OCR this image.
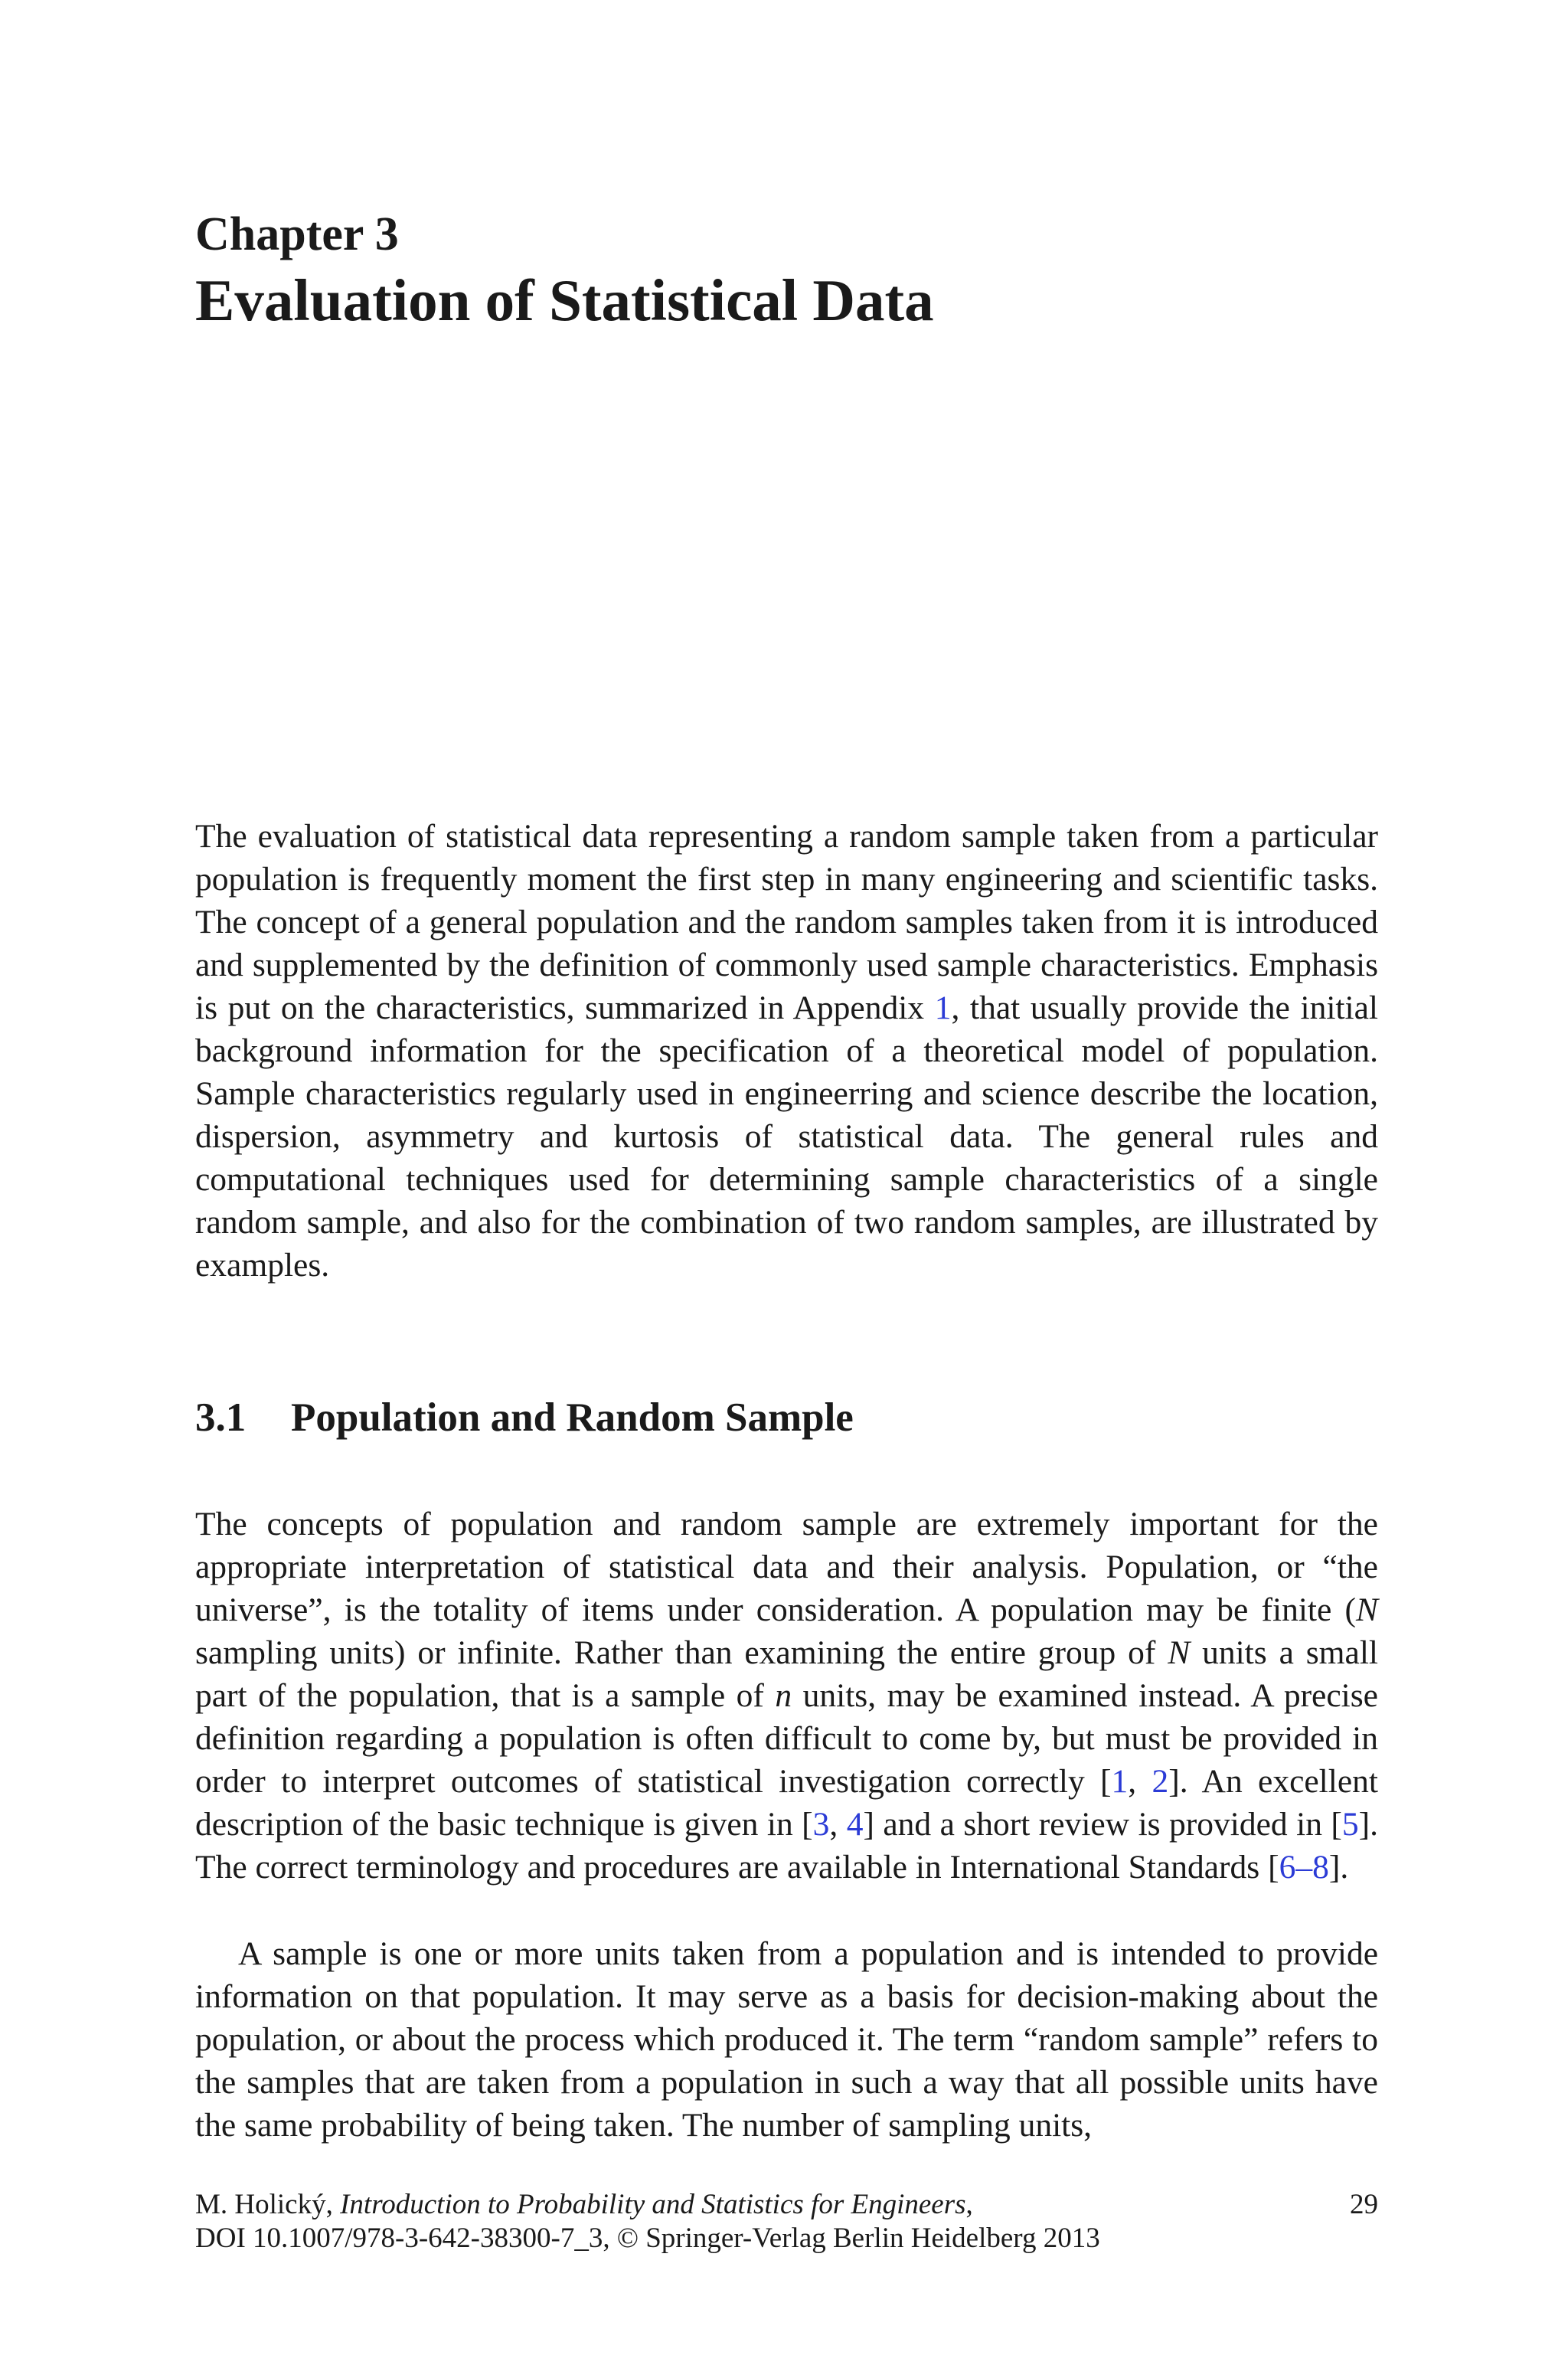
Chapter 3
Evaluation of Statistical Data

The evaluation of statistical data representing a random sample taken from a particular population is frequently moment the first step in many engineering and scientific tasks. The concept of a general population and the random samples taken from it is introduced and supplemented by the definition of commonly used sample characteristics. Emphasis is put on the characteristics, summarized in Appendix 1, that usually provide the initial background information for the specification of a theoretical model of population. Sample characteristics regularly used in engineerring and science describe the location, dispersion, asymmetry and kurtosis of statistical data. The general rules and computational techniques used for determining sample characteristics of a single random sample, and also for the combination of two random samples, are illustrated by examples.

3.1 Population and Random Sample

The concepts of population and random sample are extremely important for the appropriate interpretation of statistical data and their analysis. Population, or “the universe”, is the totality of items under consideration. A population may be finite (N sampling units) or infinite. Rather than examining the entire group of N units a small part of the population, that is a sample of n units, may be examined instead. A precise definition regarding a population is often difficult to come by, but must be provided in order to interpret outcomes of statistical investigation correctly [1, 2]. An excellent description of the basic technique is given in [3, 4] and a short review is provided in [5]. The correct terminology and procedures are available in International Standards [6–8].

A sample is one or more units taken from a population and is intended to provide information on that population. It may serve as a basis for decision-making about the population, or about the process which produced it. The term “random sample” refers to the samples that are taken from a population in such a way that all possible units have the same probability of being taken. The number of sampling units,

M. Holický, Introduction to Probability and Statistics for Engineers,
DOI 10.1007/978-3-642-38300-7_3, © Springer-Verlag Berlin Heidelberg 2013
29
